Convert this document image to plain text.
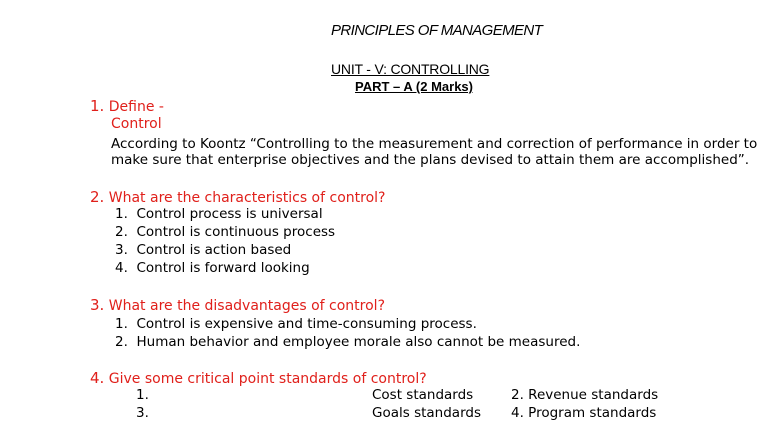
PRINCIPLES OF MANAGEMENT
UNIT - V: CONTROLLING
PART – A (2 Marks)
1. Define -
Control
According to Koontz “Controlling to the measurement and correction of performance in order to
make sure that enterprise objectives and the plans devised to attain them are accomplished”.
2. What are the characteristics of control?
1. Control process is universal
2. Control is continuous process
3. Control is action based
4. Control is forward looking
3. What are the disadvantages of control?
1. Control is expensive and time-consuming process.
2. Human behavior and employee morale also cannot be measured.
4. Give some critical point standards of control?
1.	Cost standards	2. Revenue standards
3.	Goals standards 4. Program standards
